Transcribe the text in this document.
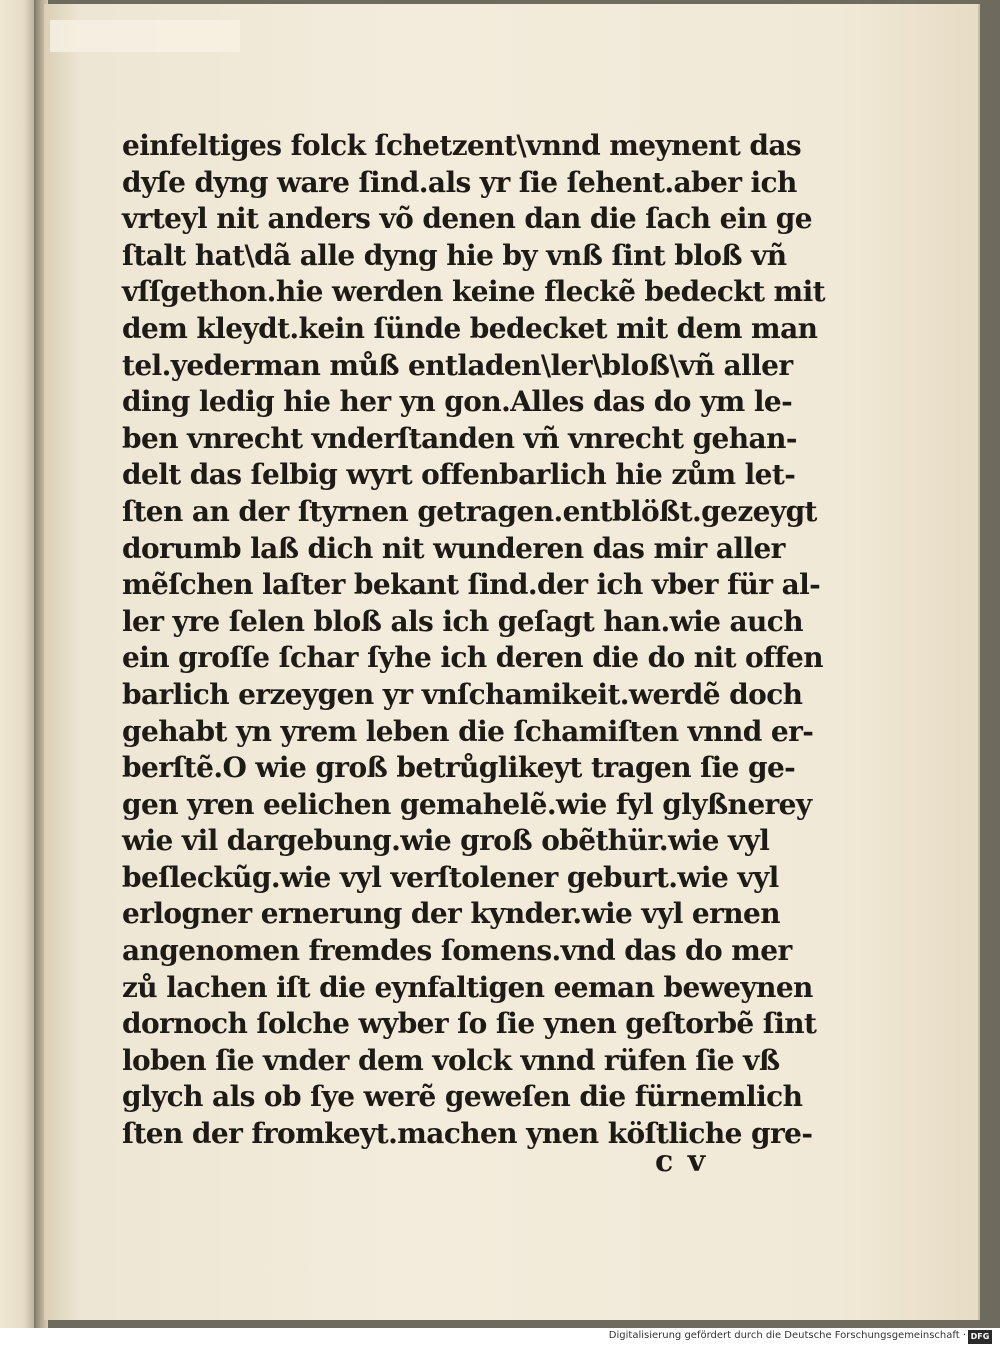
einfeltiges folck ſchetzent\vnnd meynent das
dyſe dyng ware ſind.als yr ſie ſehent.aber ich
vrteyl nit anders võ denen dan die ſach ein ge
ſtalt hat\dã alle dyng hie by vnß ſint bloß vñ
vſſgethon.hie werden keine fleckẽ bedeckt mit
dem kleydt.kein ſünde bedecket mit dem man
tel.yederman můß entladen\ler\bloß\vñ aller
ding ledig hie her yn gon.Alles das do ym le-
ben vnrecht vnderſtanden vñ vnrecht gehan-
delt das ſelbig wyrt offenbarlich hie zům let-
ſten an der ſtyrnen getragen.entblößt.gezeygt
dorumb laß dich nit wunderen das mir aller
mẽſchen laſter bekant ſind.der ich vber für al-
ler yre ſelen bloß als ich geſagt han.wie auch
ein groſſe ſchar ſyhe ich deren die do nit offen
barlich erzeygen yr vnſchamikeit.werdẽ doch
gehabt yn yrem leben die ſchamiſten vnnd er-
berſtẽ.O wie groß betrůglikeyt tragen ſie ge-
gen yren eelichen gemahelẽ.wie fyl glyßnerey
wie vil dargebung.wie groß obẽthür.wie vyl
beſleckũg.wie vyl verſtolener geburt.wie vyl
erlogner ernerung der kynder.wie vyl ernen
angenomen fremdes ſomens.vnd das do mer
zů lachen iſt die eynfaltigen eeman beweynen
dornoch ſolche wyber ſo ſie ynen geſtorbẽ ſint
loben ſie vnder dem volck vnnd rüfen ſie vß
glych als ob ſye werẽ geweſen die fürnemlich
ſten der fromkeyt.machen ynen köſtliche gre-
c v
Digitalisierung gefördert durch die Deutsche Forschungsgemeinschaft · DFG
